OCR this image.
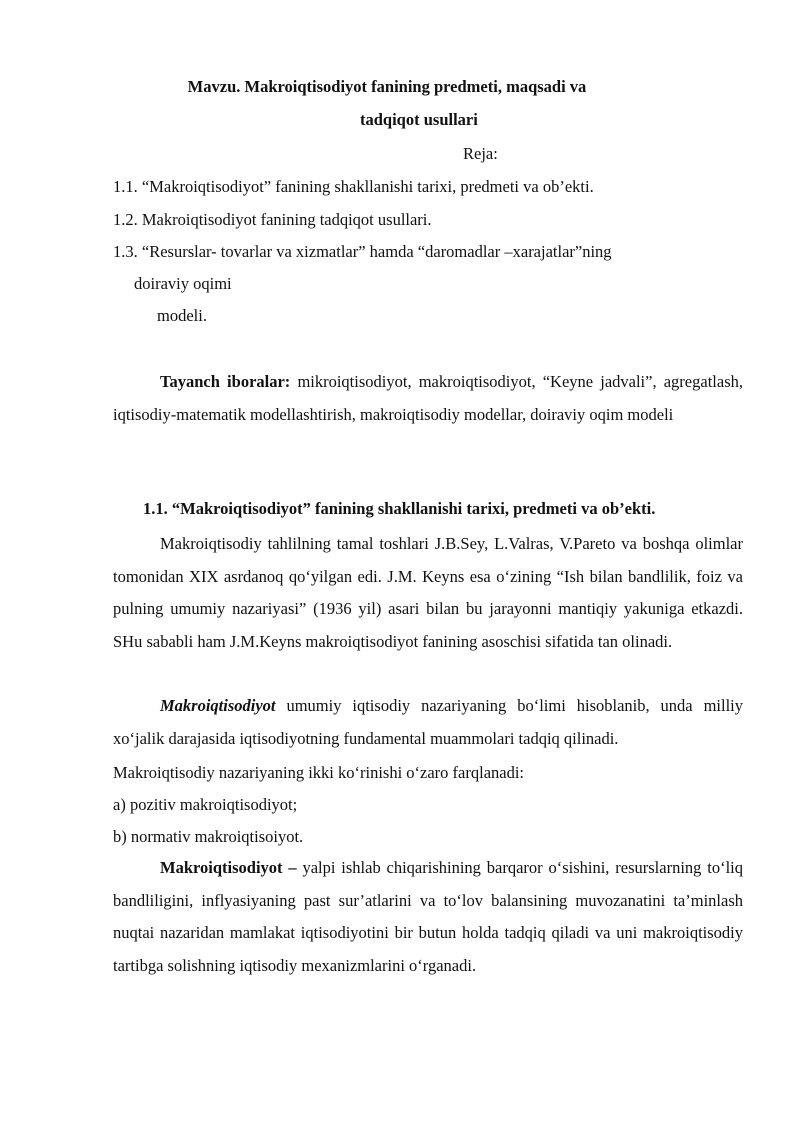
Mavzu. Makroiqtisodiyot fanining predmeti, maqsadi va
tadqiqot usullari
Reja:
1.1. “Makroiqtisodiyot” fanining shakllanishi tarixi, predmeti va ob’ekti.
1.2. Makroiqtisodiyot fanining tadqiqot usullari.
1.3. “Resurslar- tovarlar va xizmatlar” hamda “daromadlar –xarajatlar”ning
doiraviy oqimi
modeli.
Tayanch iboralar: mikroiqtisodiyot, makroiqtisodiyot, “Keyne jadvali”, agregatlash, iqtisodiy-matematik modellashtirish, makroiqtisodiy modellar, doiraviy oqim modeli
1.1. “Makroiqtisodiyot” fanining shakllanishi tarixi, predmeti va ob’ekti.
Makroiqtisodiy tahlilning tamal toshlari J.B.Sey, L.Valras, V.Pareto va boshqa olimlar tomonidan XIX asrdanoq qo‘yilgan edi. J.M. Keyns esa o‘zining “Ish bilan bandlilik, foiz va pulning umumiy nazariyasi” (1936 yil) asari bilan bu jarayonni mantiqiy yakuniga etkazdi. SHu sababli ham J.M.Keyns makroiqtisodiyot fanining asoschisi sifatida tan olinadi.
Makroiqtisodiyot umumiy iqtisodiy nazariyaning bo‘limi hisoblanib, unda milliy xo‘jalik darajasida iqtisodiyotning fundamental muammolari tadqiq qilinadi.
Makroiqtisodiy nazariyaning ikki ko‘rinishi o‘zaro farqlanadi:
a) pozitiv makroiqtisodiyot;
b) normativ makroiqtisoiyot.
Makroiqtisodiyot – yalpi ishlab chiqarishining barqaror o‘sishini, resurslarning to‘liq bandliligini, inflyasiyaning past sur’atlarini va to‘lov balansining muvozanatini ta’minlash nuqtai nazaridan mamlakat iqtisodiyotini bir butun holda tadqiq qiladi va uni makroiqtisodiy tartibga solishning iqtisodiy mexanizmlarini o‘rganadi.
